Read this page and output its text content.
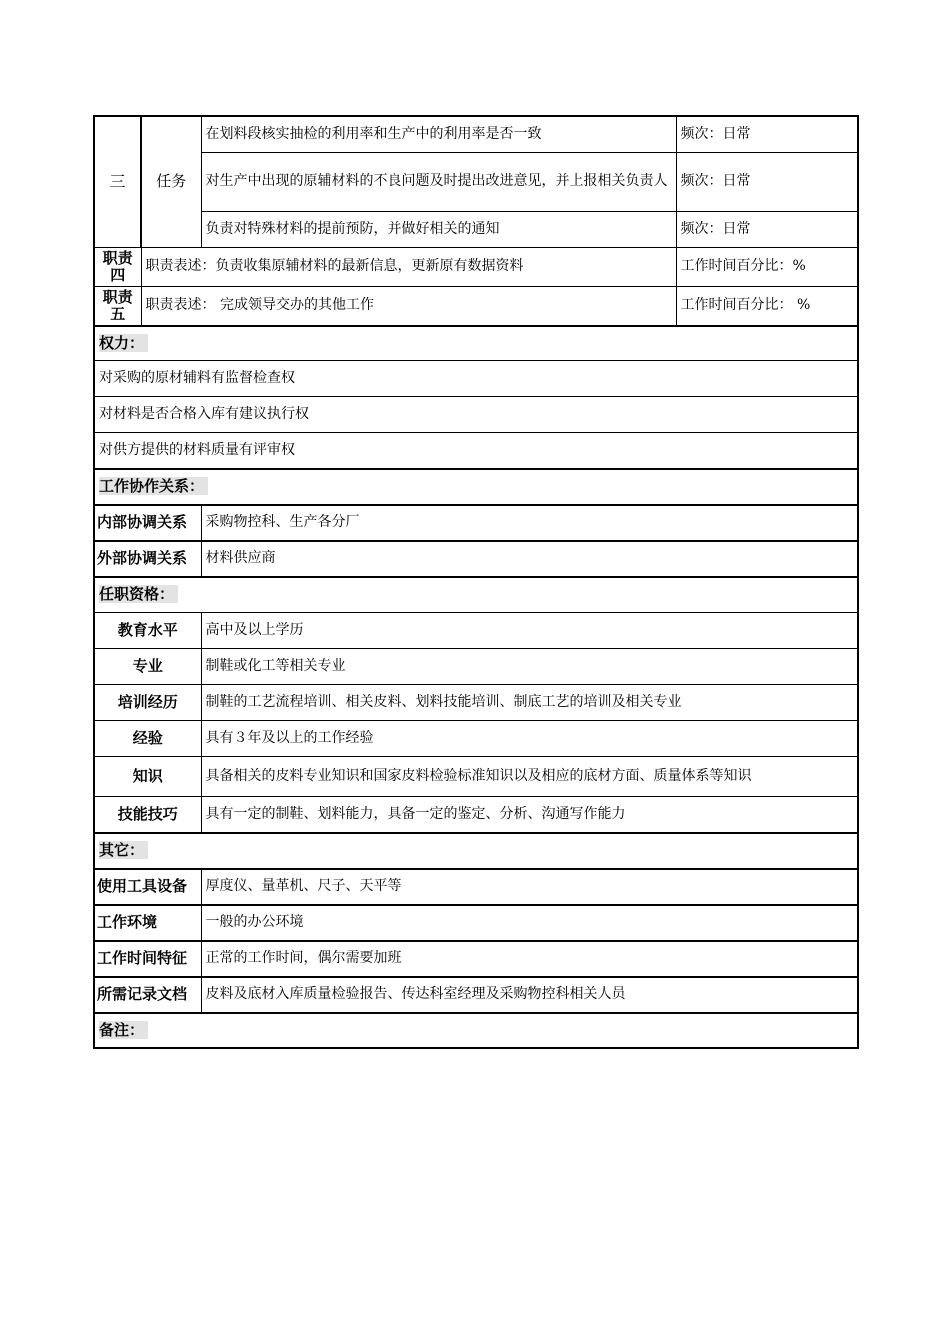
三	任务	在划料段核实抽检的利用率和生产中的利用率是否一致	频次：日常
		对生产中出现的原辅材料的不良问题及时提出改进意见，并上报相关负责人	频次：日常
		负责对特殊材料的提前预防，并做好相关的通知	频次：日常

职责
四	职责表述：负责收集原辅材料的最新信息，更新原有数据资料		工作时间百分比：%

职责
五	职责表述： 完成领导交办的其他工作		工作时间百分比： %
权力：	
对采购的原材辅料有监督检查权	
对材料是否合格入库有建议执行权	
对供方提供的材料质量有评审权	
工作协作关系：	
内部协调关系	采购物控科、生产各分厂
外部协调关系	材料供应商
任职资格：	
教育水平	高中及以上学历
专业	制鞋或化工等相关专业
培训经历	制鞋的工艺流程培训、相关皮料、划料技能培训、制底工艺的培训及相关专业
经验	具有３年及以上的工作经验
知识	具备相关的皮料专业知识和国家皮料检验标准知识以及相应的底材方面、质量体系等知识
技能技巧	具有一定的制鞋、划料能力，具备一定的鉴定、分析、沟通写作能力
其它：	
使用工具设备	厚度仪、量革机、尺子、天平等
工作环境	一般的办公环境
工作时间特征	正常的工作时间，偶尔需要加班
所需记录文档	皮料及底材入库质量检验报告、传达科室经理及采购物控科相关人员
备注：	
